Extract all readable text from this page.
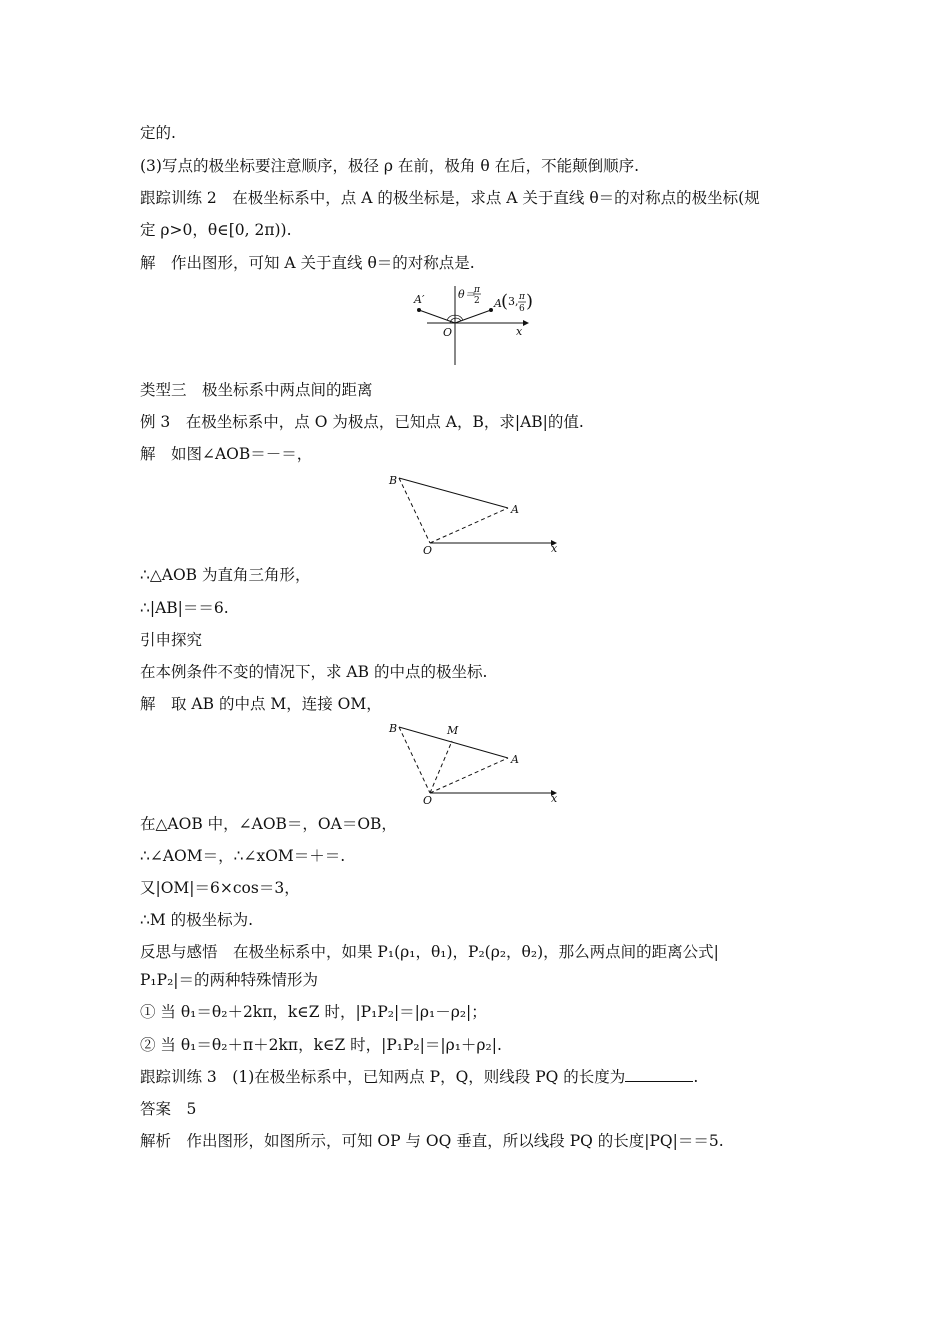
定的.
(3)写点的极坐标要注意顺序，极径 ρ 在前，极角 θ 在后，不能颠倒顺序.
跟踪训练 2　在极坐标系中，点 A 的极坐标是，求点 A 关于直线 θ＝的对称点的极坐标(规
定 ρ>0，θ∈[0, 2π)).
解　作出图形，可知 A 关于直线 θ＝的对称点是.
A′
O	x
θ＝
π
2 A ( 3, π
6 )
类型三　极坐标系中两点间的距离
例 3　在极坐标系中，点 O 为极点，已知点 A，B，求|AB|的值.
解　如图∠AOB＝－＝，
B
A
O	x
∴△AOB 为直角三角形，
∴|AB|＝＝6.
引申探究
在本例条件不变的情况下，求 AB 的中点的极坐标.
解　取 AB 的中点 M，连接 OM，
B	M
A
O	x
在△AOB 中，∠AOB＝，OA＝OB，
∴∠AOM＝，∴∠xOM＝＋＝.
又|OM|＝6×cos＝3，
∴M 的极坐标为.
反思与感悟　在极坐标系中，如果 P₁(ρ₁，θ₁)，P₂(ρ₂，θ₂)，那么两点间的距离公式|
P₁P₂|＝的两种特殊情形为
① 当 θ₁＝θ₂＋2kπ，k∈Z 时，|P₁P₂|＝|ρ₁－ρ₂|；
② 当 θ₁＝θ₂＋π＋2kπ，k∈Z 时，|P₁P₂|＝|ρ₁＋ρ₂|.
跟踪训练 3　(1)在极坐标系中，已知两点 P，Q，则线段 PQ 的长度为	.
答案　5
解析　作出图形，如图所示，可知 OP 与 OQ 垂直，所以线段 PQ 的长度|PQ|＝＝5.
